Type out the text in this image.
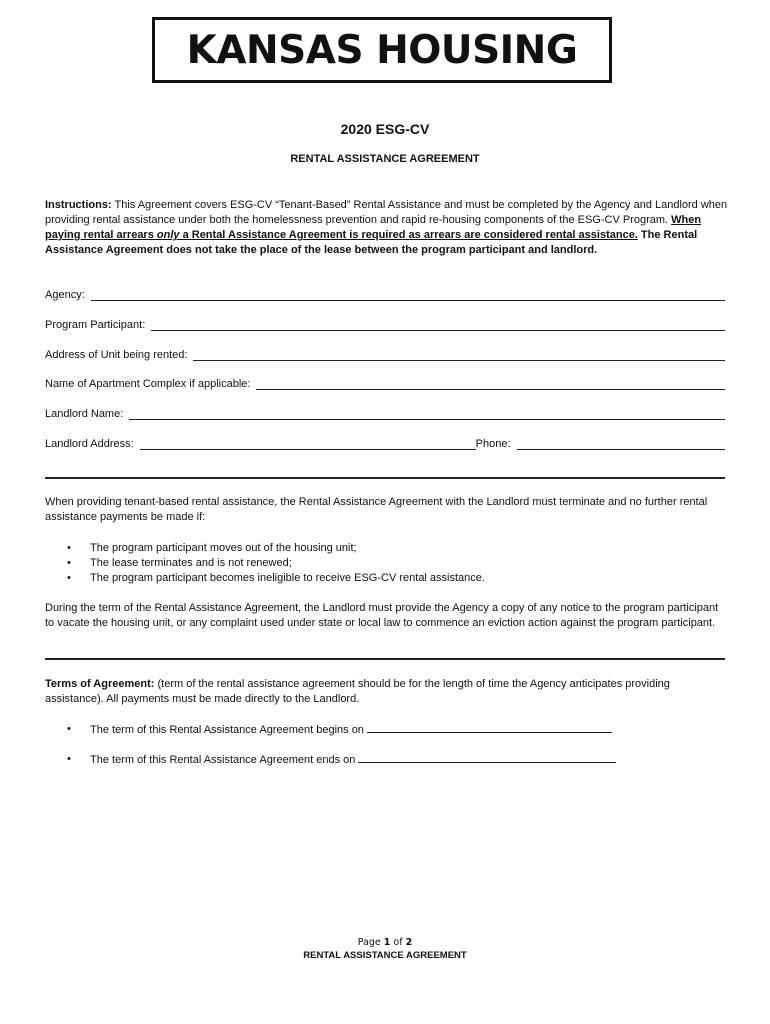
KANSAS HOUSING
2020 ESG-CV
RENTAL ASSISTANCE AGREEMENT
Instructions: This Agreement covers ESG-CV “Tenant-Based” Rental Assistance and must be completed by the Agency and Landlord when providing rental assistance under both the homelessness prevention and rapid re-housing components of the ESG-CV Program. When paying rental arrears only a Rental Assistance Agreement is required as arrears are considered rental assistance. The Rental Assistance Agreement does not take the place of the lease between the program participant and landlord.
Agency:
Program Participant:
Address of Unit being rented:
Name of Apartment Complex if applicable:
Landlord Name:
Landlord Address:	Phone:
When providing tenant-based rental assistance, the Rental Assistance Agreement with the Landlord must terminate and no further rental assistance payments be made if:
• The program participant moves out of the housing unit;
• The lease terminates and is not renewed;
• The program participant becomes ineligible to receive ESG-CV rental assistance.
During the term of the Rental Assistance Agreement, the Landlord must provide the Agency a copy of any notice to the program participant to vacate the housing unit, or any complaint used under state or local law to commence an eviction action against the program participant.
Terms of Agreement: (term of the rental assistance agreement should be for the length of time the Agency anticipates providing assistance). All payments must be made directly to the Landlord.
• The term of this Rental Assistance Agreement begins on
• The term of this Rental Assistance Agreement ends on
Page 1 of 2
RENTAL ASSISTANCE AGREEMENT
